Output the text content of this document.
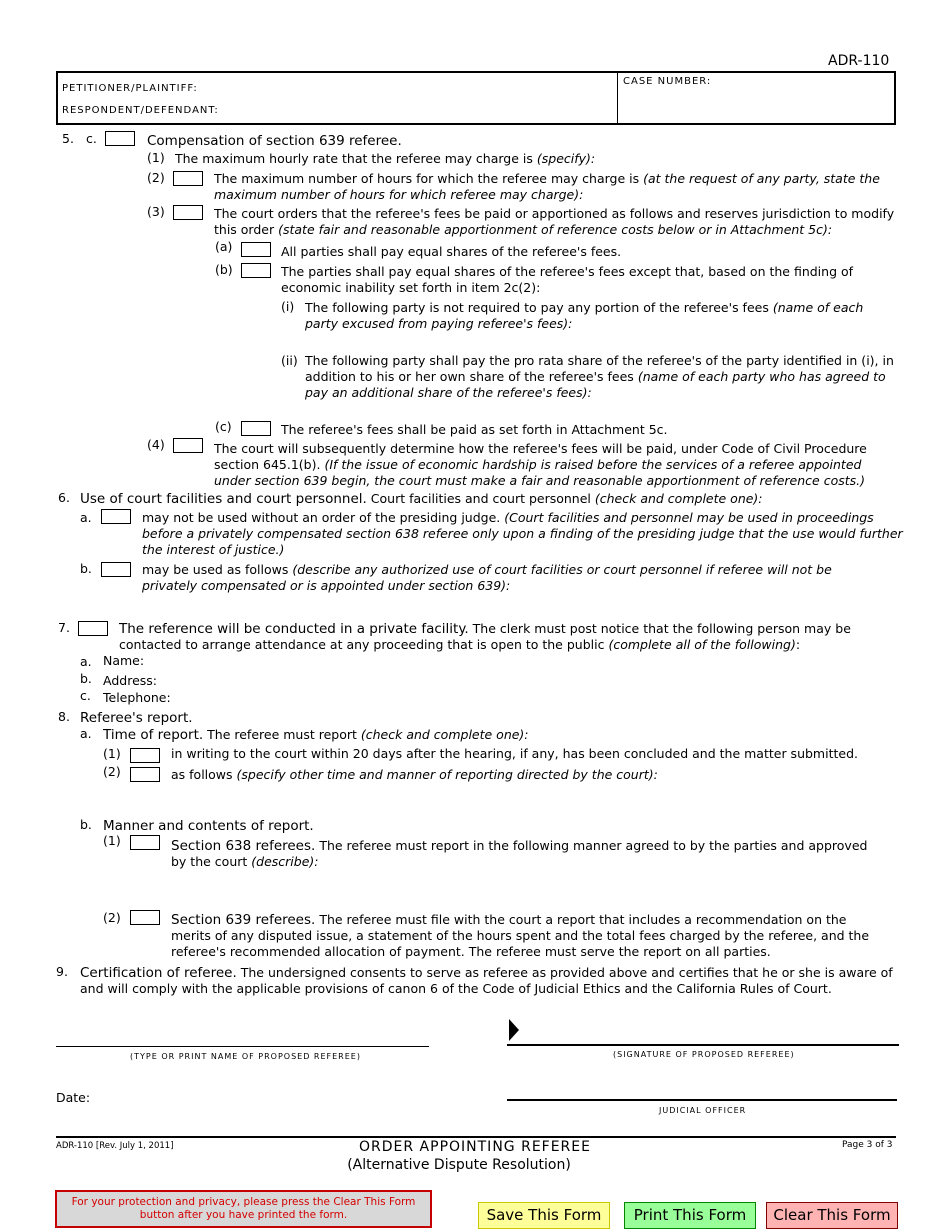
ADR-110
PETITIONER/PLAINTIFF:
RESPONDENT/DEFENDANT:
CASE NUMBER:
5. c.	Compensation of section 639 referee.
(1) The maximum hourly rate that the referee may charge is (specify):
(2)	The maximum number of hours for which the referee may charge is (at the request of any party, state the
maximum number of hours for which referee may charge):
(3)	The court orders that the referee's fees be paid or apportioned as follows and reserves jurisdiction to modify
this order (state fair and reasonable apportionment of reference costs below or in Attachment 5c):
(a)	All parties shall pay equal shares of the referee's fees.
(b)	The parties shall pay equal shares of the referee's fees except that, based on the finding of
economic inability set forth in item 2c(2):
(i) The following party is not required to pay any portion of the referee's fees (name of each
party excused from paying referee's fees):
(ii) The following party shall pay the pro rata share of the referee's of the party identified in (i), in
addition to his or her own share of the referee's fees (name of each party who has agreed to
pay an additional share of the referee's fees):
(c)	The referee's fees shall be paid as set forth in Attachment 5c.
(4)	The court will subsequently determine how the referee's fees will be paid, under Code of Civil Procedure
section 645.1(b). (If the issue of economic hardship is raised before the services of a referee appointed
under section 639 begin, the court must make a fair and reasonable apportionment of reference costs.)
6. Use of court facilities and court personnel. Court facilities and court personnel (check and complete one):
a.	may not be used without an order of the presiding judge. (Court facilities and personnel may be used in proceedings
before a privately compensated section 638 referee only upon a finding of the presiding judge that the use would further
the interest of justice.)
b.	may be used as follows (describe any authorized use of court facilities or court personnel if referee will not be
privately compensated or is appointed under section 639):
7.	The reference will be conducted in a private facility. The clerk must post notice that the following person may be
contacted to arrange attendance at any proceeding that is open to the public (complete all of the following):
a. Name:
b. Address:
c. Telephone:
8. Referee's report.
a. Time of report. The referee must report (check and complete one):
(1)	in writing to the court within 20 days after the hearing, if any, has been concluded and the matter submitted.
(2)	as follows (specify other time and manner of reporting directed by the court):
b. Manner and contents of report.
(1)	Section 638 referees. The referee must report in the following manner agreed to by the parties and approved
by the court (describe):
(2)	Section 639 referees. The referee must file with the court a report that includes a recommendation on the
merits of any disputed issue, a statement of the hours spent and the total fees charged by the referee, and the
referee's recommended allocation of payment. The referee must serve the report on all parties.
9. Certification of referee. The undersigned consents to serve as referee as provided above and certifies that he or she is aware of
and will comply with the applicable provisions of canon 6 of the Code of Judicial Ethics and the California Rules of Court.
(TYPE OR PRINT NAME OF PROPOSED REFEREE)	(SIGNATURE OF PROPOSED REFEREE)
Date:
JUDICIAL OFFICER
ADR-110 [Rev. July 1, 2011]	ORDER APPOINTING REFEREE
(Alternative Dispute Resolution)
Page 3 of 3
For your protection and privacy, please press the Clear This Form
button after you have printed the form.	Save This Form	Print This Form	Clear This Form
